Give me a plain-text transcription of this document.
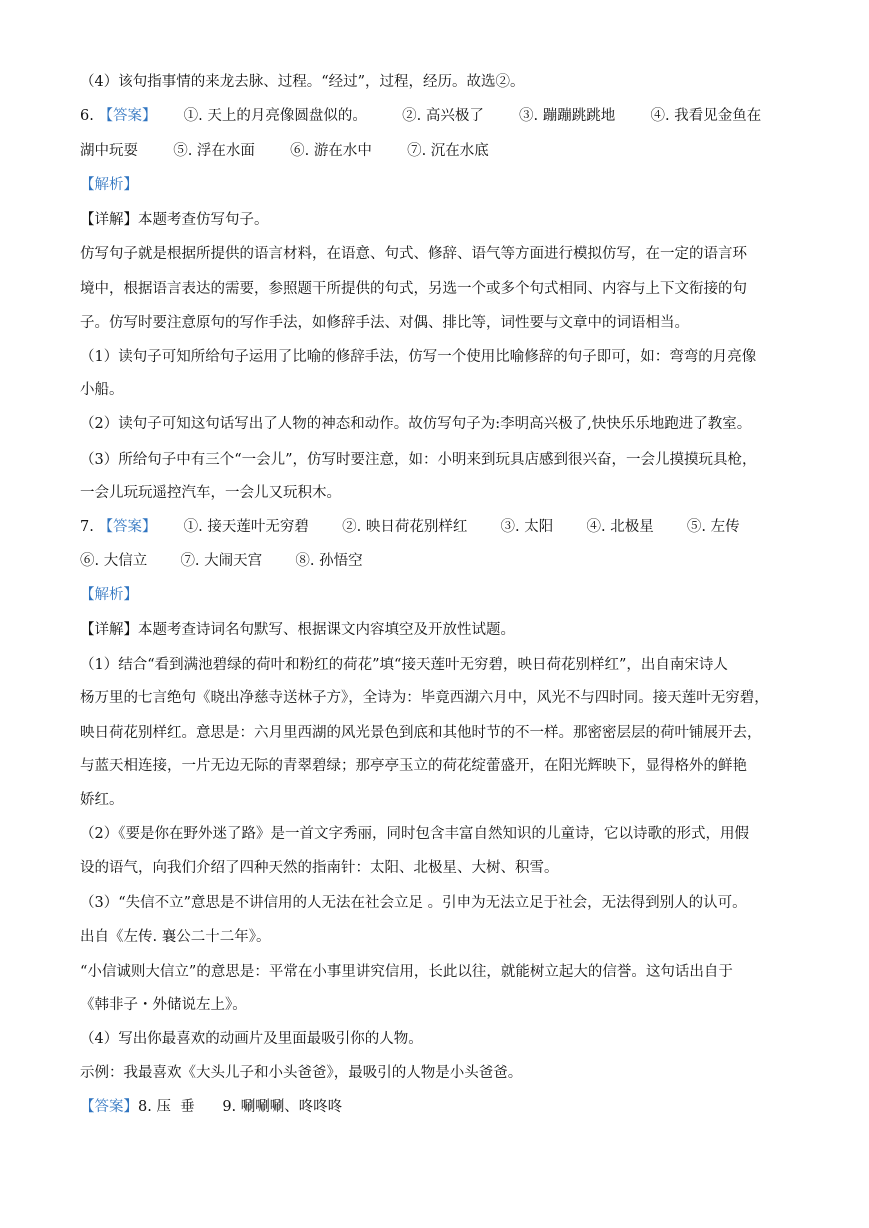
（4）该句指事情的来龙去脉、过程。“经过”，过程，经历。故选②。
6. 【答案】 ①. 天上的月亮像圆盘似的。 ②. 高兴极了 ③. 蹦蹦跳跳地 ④. 我看见金鱼在
湖中玩耍 ⑤. 浮在水面 ⑥. 游在水中 ⑦. 沉在水底
【解析】
【详解】本题考查仿写句子。
仿写句子就是根据所提供的语言材料，在语意、句式、修辞、语气等方面进行模拟仿写，在一定的语言环
境中，根据语言表达的需要，参照题干所提供的句式，另选一个或多个句式相同、内容与上下文衔接的句
子。仿写时要注意原句的写作手法，如修辞手法、对偶、排比等，词性要与文章中的词语相当。
（1）读句子可知所给句子运用了比喻的修辞手法，仿写一个使用比喻修辞的句子即可，如：弯弯的月亮像
小船。
（2）读句子可知这句话写出了人物的神态和动作。故仿写句子为:李明高兴极了,快快乐乐地跑进了教室。
（3）所给句子中有三个“一会儿”，仿写时要注意，如：小明来到玩具店感到很兴奋，一会儿摸摸玩具枪，
一会儿玩玩遥控汽车，一会儿又玩积木。
7. 【答案】 ①. 接天莲叶无穷碧 ②. 映日荷花别样红 ③. 太阳 ④. 北极星 ⑤. 左传
⑥. 大信立 ⑦. 大闹天宫 ⑧. 孙悟空
【解析】
【详解】本题考查诗词名句默写、根据课文内容填空及开放性试题。
（1）结合“看到满池碧绿的荷叶和粉红的荷花”填“接天莲叶无穷碧，映日荷花别样红”，出自南宋诗人
杨万里的七言绝句《晓出净慈寺送林子方》，全诗为：毕竟西湖六月中，风光不与四时同。接天莲叶无穷碧，
映日荷花别样红。意思是：六月里西湖的风光景色到底和其他时节的不一样。那密密层层的荷叶铺展开去，
与蓝天相连接，一片无边无际的青翠碧绿；那亭亭玉立的荷花绽蕾盛开，在阳光辉映下，显得格外的鲜艳
娇红。
（2）《要是你在野外迷了路》是一首文字秀丽，同时包含丰富自然知识的儿童诗，它以诗歌的形式，用假
设的语气，向我们介绍了四种天然的指南针：太阳、北极星、大树、积雪。
（3）“失信不立”意思是不讲信用的人无法在社会立足 。引申为无法立足于社会，无法得到别人的认可。
出自《左传. 襄公二十二年》。
“小信诚则大信立”的意思是：平常在小事里讲究信用，长此以往，就能树立起大的信誉。这句话出自于
《韩非子・外储说左上》。
（4）写出你最喜欢的动画片及里面最吸引你的人物。
示例：我最喜欢《大头儿子和小头爸爸》，最吸引的人物是小头爸爸。
【答案】8. 压  垂      9. 唰唰唰、咚咚咚
